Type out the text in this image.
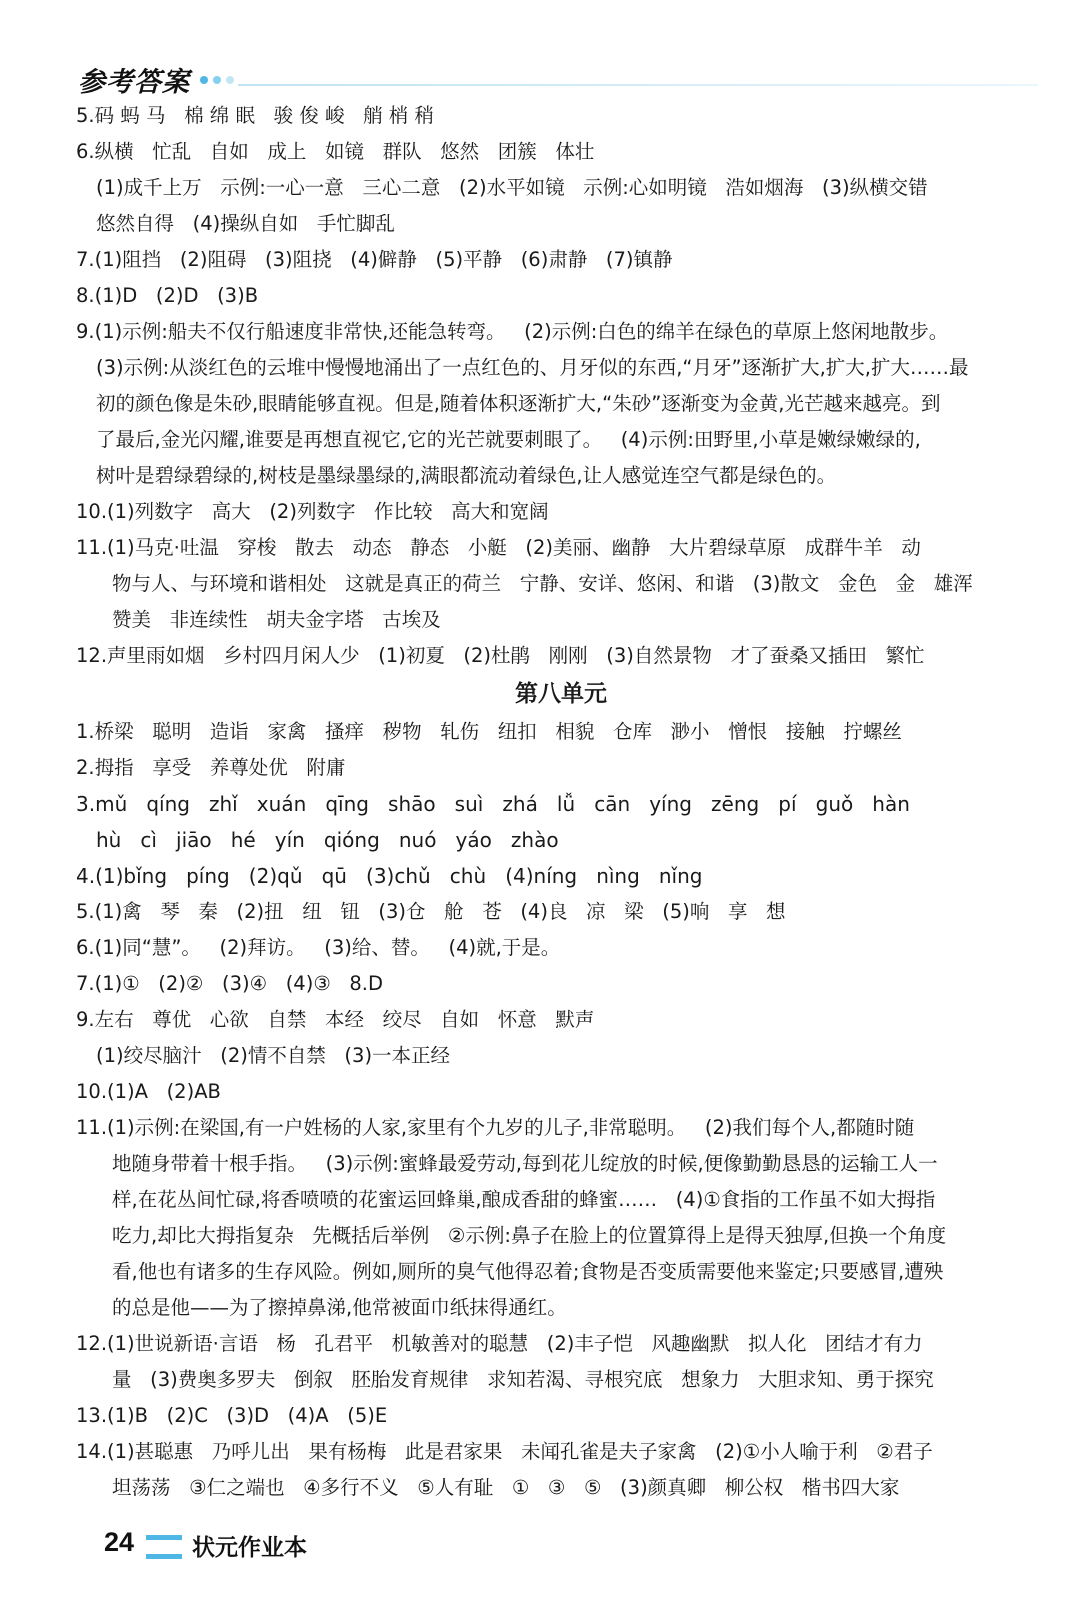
参考答案
5.码 蚂 马   棉 绵 眠   骏 俊 峻   艄 梢 稍
6.纵横   忙乱   自如   成上   如镜   群队   悠然   团簇   体壮
(1)成千上万   示例:一心一意   三心二意   (2)水平如镜   示例:心如明镜   浩如烟海   (3)纵横交错
悠然自得   (4)操纵自如   手忙脚乱
7.(1)阻挡   (2)阻碍   (3)阻挠   (4)僻静   (5)平静   (6)肃静   (7)镇静
8.(1)D   (2)D   (3)B
9.(1)示例:船夫不仅行船速度非常快,还能急转弯。   (2)示例:白色的绵羊在绿色的草原上悠闲地散步。
(3)示例:从淡红色的云堆中慢慢地涌出了一点红色的、月牙似的东西,“月牙”逐渐扩大,扩大,扩大……最
初的颜色像是朱砂,眼睛能够直视。但是,随着体积逐渐扩大,“朱砂”逐渐变为金黄,光芒越来越亮。到
了最后,金光闪耀,谁要是再想直视它,它的光芒就要刺眼了。   (4)示例:田野里,小草是嫩绿嫩绿的,
树叶是碧绿碧绿的,树枝是墨绿墨绿的,满眼都流动着绿色,让人感觉连空气都是绿色的。
10.(1)列数字   高大   (2)列数字   作比较   高大和宽阔
11.(1)马克·吐温   穿梭   散去   动态   静态   小艇   (2)美丽、幽静   大片碧绿草原   成群牛羊   动
物与人、与环境和谐相处   这就是真正的荷兰   宁静、安详、悠闲、和谐   (3)散文   金色   金   雄浑
赞美   非连续性   胡夫金字塔   古埃及
12.声里雨如烟   乡村四月闲人少   (1)初夏   (2)杜鹃   刚刚   (3)自然景物   才了蚕桑又插田   繁忙
第八单元
1.桥梁   聪明   造诣   家禽   搔痒   秽物   轧伤   纽扣   相貌   仓库   渺小   憎恨   接触   拧螺丝
2.拇指   享受   养尊处优   附庸
3.mǔ   qíng   zhǐ   xuán   qīng   shāo   suì   zhá   lǚ   cān   yíng   zēng   pí   guǒ   hàn
hù   cì   jiāo   hé   yín   qióng   nuó   yáo   zhào
4.(1)bǐng   píng   (2)qǔ   qū   (3)chǔ   chù   (4)níng   nìng   nǐng
5.(1)禽   琴   秦   (2)扭   纽   钮   (3)仓   舱   苍   (4)良   凉   梁   (5)响   享   想
6.(1)同“慧”。   (2)拜访。   (3)给、替。   (4)就,于是。
7.(1)①   (2)②   (3)④   (4)③   8.D
9.左右   尊优   心欲   自禁   本经   绞尽   自如   怀意   默声
(1)绞尽脑汁   (2)情不自禁   (3)一本正经
10.(1)A   (2)AB
11.(1)示例:在梁国,有一户姓杨的人家,家里有个九岁的儿子,非常聪明。   (2)我们每个人,都随时随
地随身带着十根手指。   (3)示例:蜜蜂最爱劳动,每到花儿绽放的时候,便像勤勤恳恳的运输工人一
样,在花丛间忙碌,将香喷喷的花蜜运回蜂巢,酿成香甜的蜂蜜……   (4)①食指的工作虽不如大拇指
吃力,却比大拇指复杂   先概括后举例   ②示例:鼻子在脸上的位置算得上是得天独厚,但换一个角度
看,他也有诸多的生存风险。例如,厕所的臭气他得忍着;食物是否变质需要他来鉴定;只要感冒,遭殃
的总是他——为了擦掉鼻涕,他常被面巾纸抹得通红。
12.(1)世说新语·言语   杨   孔君平   机敏善对的聪慧   (2)丰子恺   风趣幽默   拟人化   团结才有力
量   (3)费奥多罗夫   倒叙   胚胎发育规律   求知若渴、寻根究底   想象力   大胆求知、勇于探究
13.(1)B   (2)C   (3)D   (4)A   (5)E
14.(1)甚聪惠   乃呼儿出   果有杨梅   此是君家果   未闻孔雀是夫子家禽   (2)①小人喻于利   ②君子
坦荡荡   ③仁之端也   ④多行不义   ⑤人有耻   ①   ③   ⑤   (3)颜真卿   柳公权   楷书四大家
24	状元作业本
